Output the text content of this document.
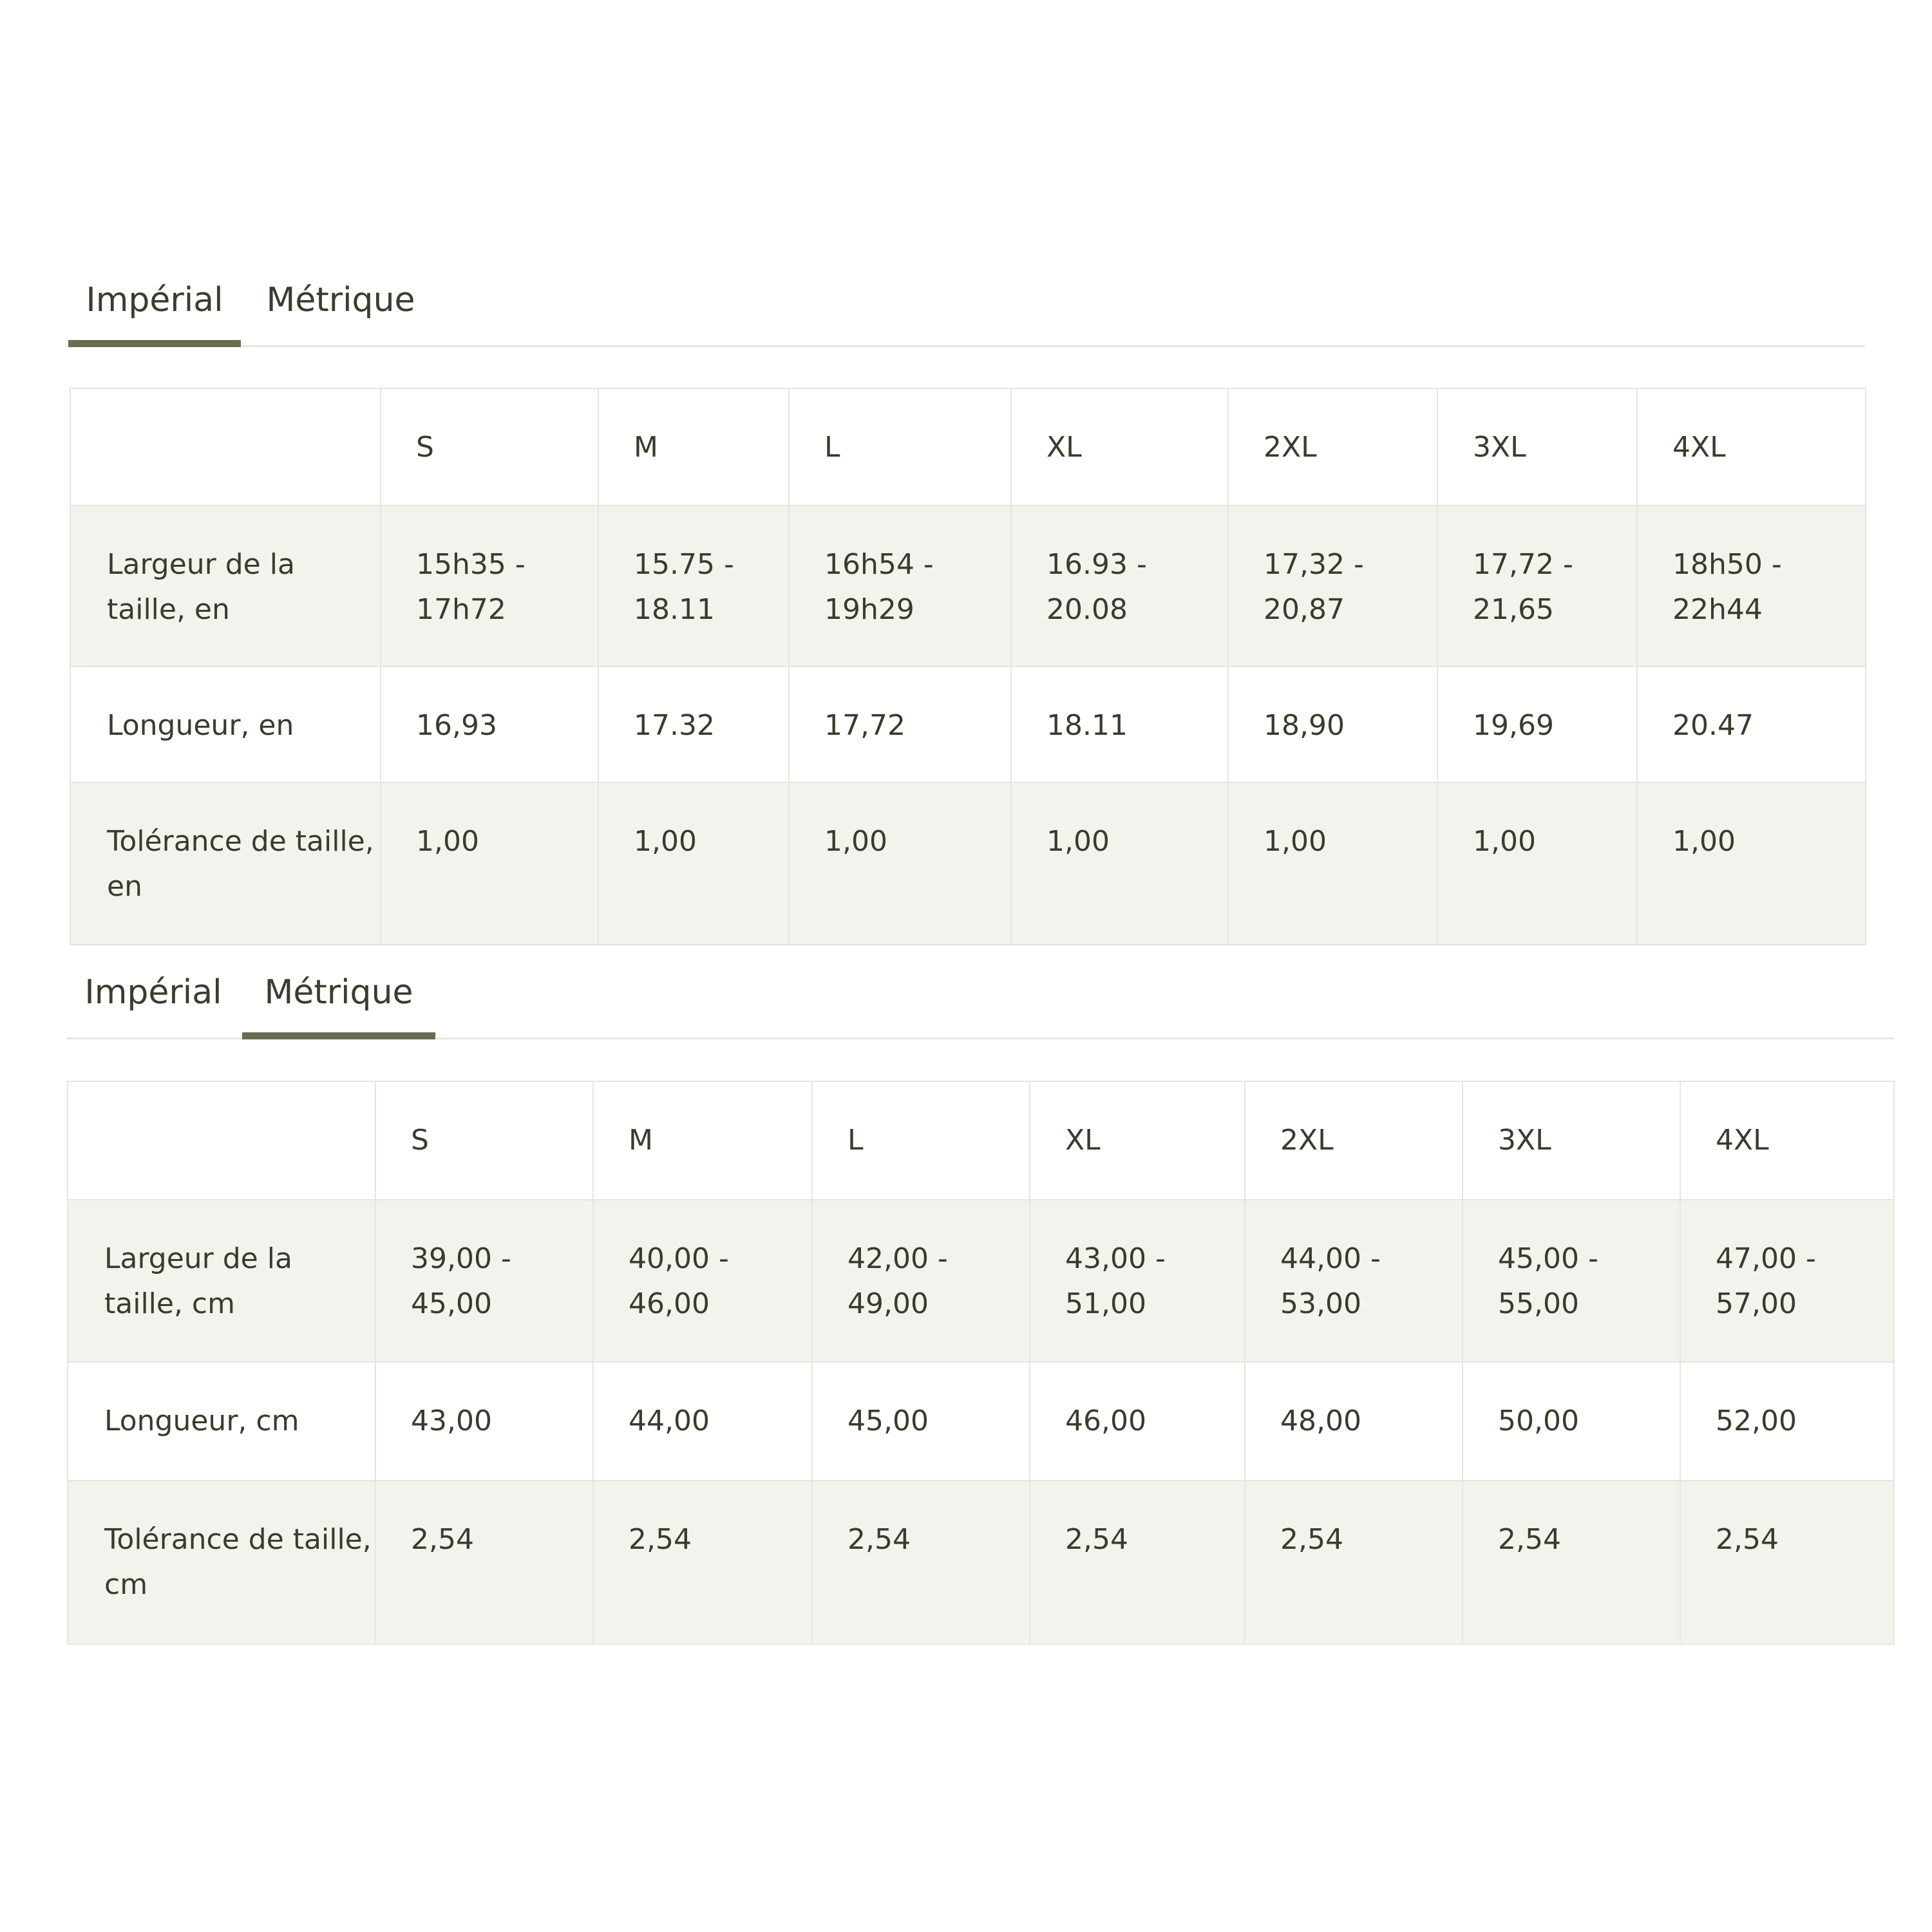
Impérial	Métrique

	S	M	L	XL	2XL	3XL	4XL

Largeur de la taille, en	15h35 - 17h72	15.75 - 18.11	16h54 - 19h29	16.93 - 20.08	17,32 - 20,87	17,72 - 21,65	18h50 - 22h44

Longueur, en	16,93	17.32	17,72	18.11	18,90	19,69	20.47

Tolérance de taille, en	1,00	1,00	1,00	1,00	1,00	1,00	1,00
Impérial	Métrique

	S	M	L	XL	2XL	3XL	4XL

Largeur de la taille, cm	39,00 - 45,00	40,00 - 46,00	42,00 - 49,00	43,00 - 51,00	44,00 - 53,00	45,00 - 55,00	47,00 - 57,00

Longueur, cm	43,00	44,00	45,00	46,00	48,00	50,00	52,00

Tolérance de taille, cm	2,54	2,54	2,54	2,54	2,54	2,54	2,54
